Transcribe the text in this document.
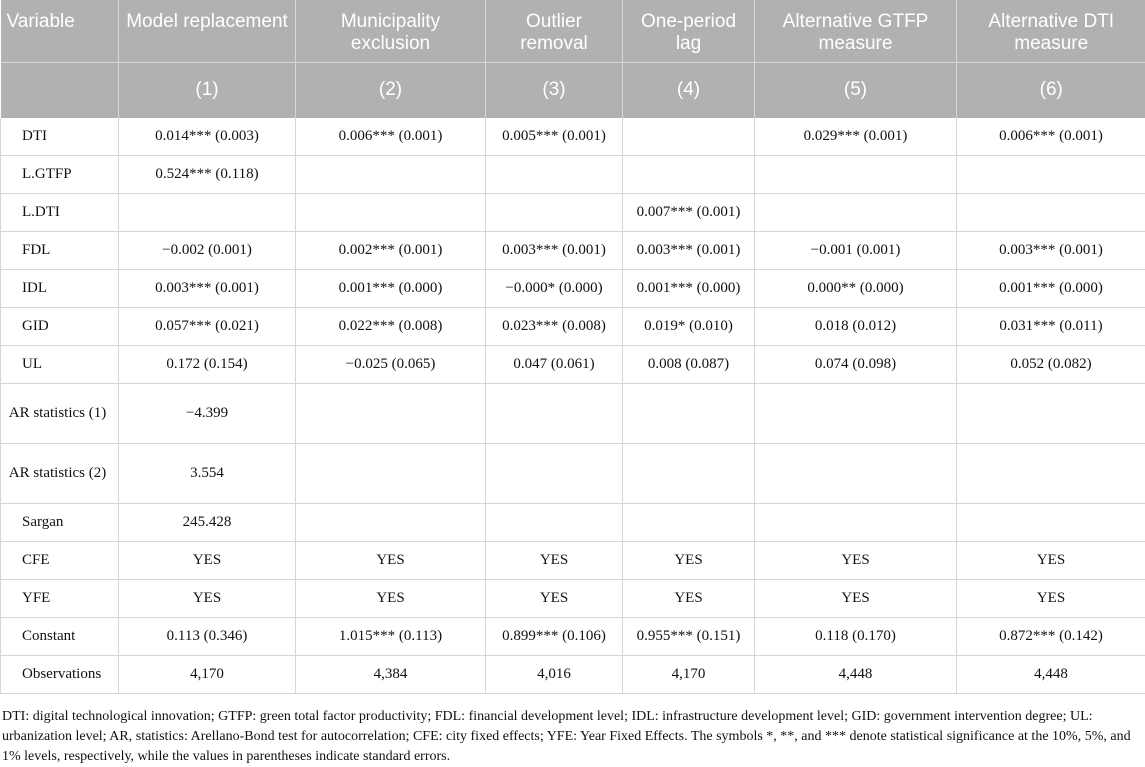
Variable	Model replacement	Municipality exclusion	Outlier removal	One-period lag	Alternative GTFP measure	Alternative DTI measure
	(1)	(2)	(3)	(4)	(5)	(6)
DTI	0.014*** (0.003)	0.006*** (0.001)	0.005*** (0.001)		0.029*** (0.001)	0.006*** (0.001)
L.GTFP	0.524*** (0.118)					
L.DTI				0.007*** (0.001)		
FDL	−0.002 (0.001)	0.002*** (0.001)	0.003*** (0.001)	0.003*** (0.001)	−0.001 (0.001)	0.003*** (0.001)
IDL	0.003*** (0.001)	0.001*** (0.000)	−0.000* (0.000)	0.001*** (0.000)	0.000** (0.000)	0.001*** (0.000)
GID	0.057*** (0.021)	0.022*** (0.008)	0.023*** (0.008)	0.019* (0.010)	0.018 (0.012)	0.031*** (0.011)
UL	0.172 (0.154)	−0.025 (0.065)	0.047 (0.061)	0.008 (0.087)	0.074 (0.098)	0.052 (0.082)
AR statistics (1)	−4.399					
AR statistics (2)	3.554					
Sargan	245.428					
CFE	YES	YES	YES	YES	YES	YES
YFE	YES	YES	YES	YES	YES	YES
Constant	0.113 (0.346)	1.015*** (0.113)	0.899*** (0.106)	0.955*** (0.151)	0.118 (0.170)	0.872*** (0.142)
Observations	4,170	4,384	4,016	4,170	4,448	4,448

DTI: digital technological innovation; GTFP: green total factor productivity; FDL: financial development level; IDL: infrastructure development level; GID: government intervention degree; UL: urbanization level; AR, statistics: Arellano-Bond test for autocorrelation; CFE: city fixed effects; YFE: Year Fixed Effects. The symbols *, **, and *** denote statistical significance at the 10%, 5%, and 1% levels, respectively, while the values in parentheses indicate standard errors.
